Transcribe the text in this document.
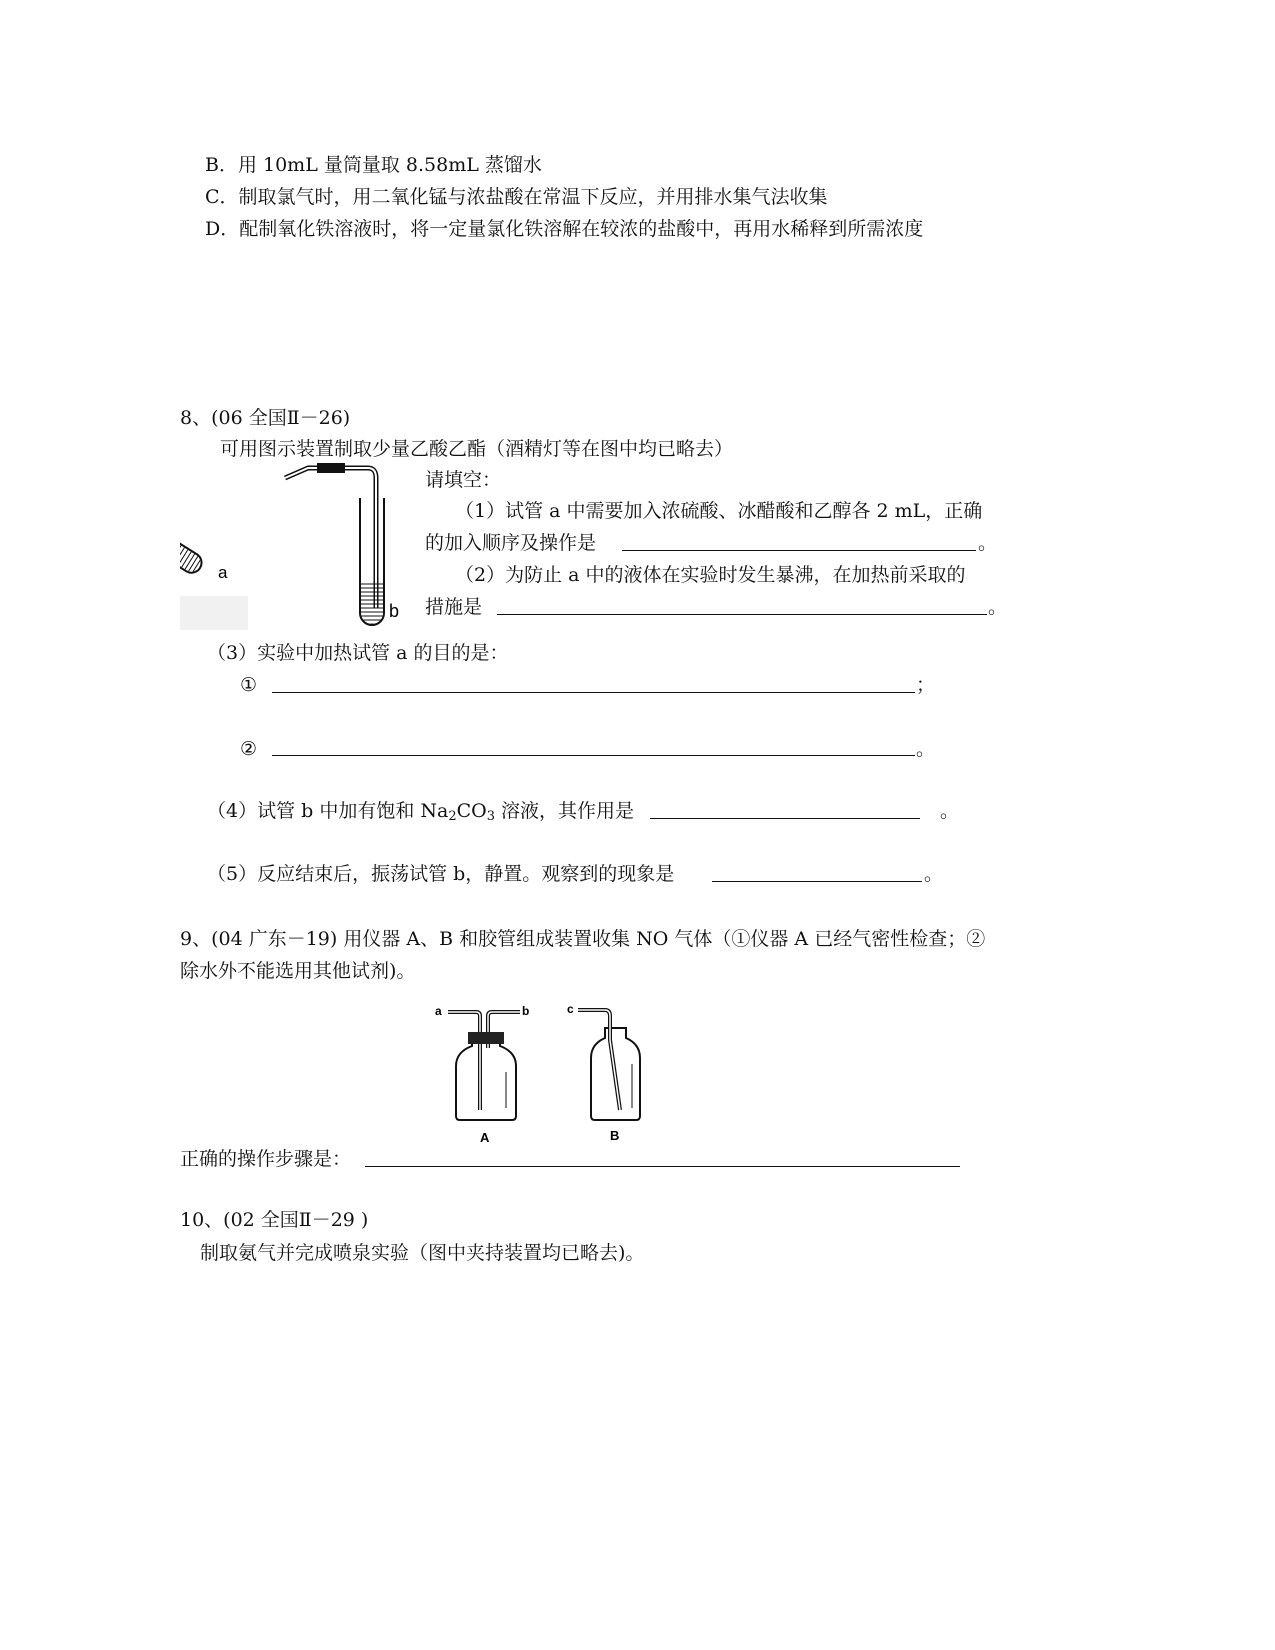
B．用 10mL 量筒量取 8.58mL 蒸馏水
C．制取氯气时，用二氧化锰与浓盐酸在常温下反应，并用排水集气法收集
D．配制氧化铁溶液时，将一定量氯化铁溶解在较浓的盐酸中，再用水稀释到所需浓度
8、(06 全国Ⅱ－26)
可用图示装置制取少量乙酸乙酯（酒精灯等在图中均已略去）
a
b
请填空：
（1）试管 a 中需要加入浓硫酸、冰醋酸和乙醇各 2 mL，正确
的加入顺序及操作是	。
（2）为防止 a 中的液体在实验时发生暴沸，在加热前采取的
措施是	。
（3）实验中加热试管 a 的目的是：
①	；
②	。
（4）试管 b 中加有饱和 $Na_2CO_3$ 溶液，其作用是	。
（5）反应结束后，振荡试管 b，静置。观察到的现象是	。
9、(04 广东－19) 用仪器 A、B 和胶管组成装置收集 NO 气体（①仪器 A 已经气密性检查；②
除水外不能选用其他试剂)。
a	b	c
A	B
正确的操作步骤是：
10、(02 全国Ⅱ－29 )
制取氨气并完成喷泉实验（图中夹持装置均已略去)。
